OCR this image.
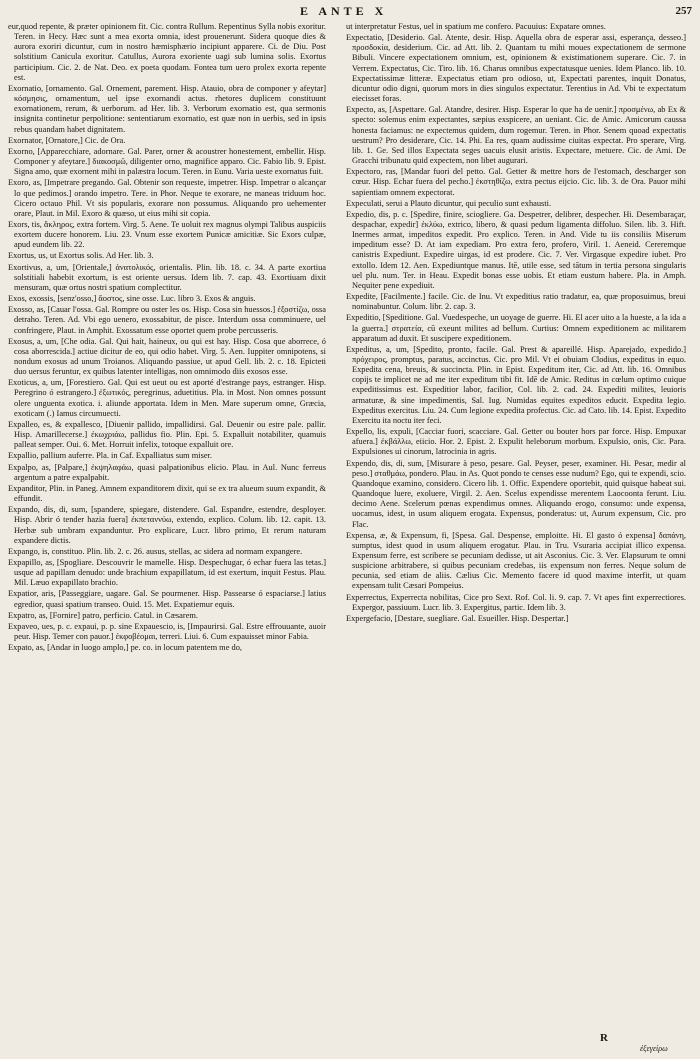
E ANTE X	257

eur,quod repente, & præter opinionem fit. Cic. contra Rullum. Repentinus Sylla nobis exoritur. Teren. in Hecy. Hæc sunt a mea exorta omnia, idest prouenerunt. Sidera quoque dies & aurora exoriri dicuntur, cum in nostro hæmisphærio incipiunt apparere. Ci. de Diu. Post solstitium Canicula exoritur. Catullus, Aurora exoriente uagi sub lumina solis. Exortus participium. Cic. 2. de Nat. Deo. ex poeta quodam. Fontea tum uero prolex exorta repente est.

Exornatio, [ornamento. Gal. Ornement, parement. Hisp. Atauio, obra de componer y afeytar] κόσμησις, ornamentum, uel ipse exornandi actus. rhetores duplicem constituunt exornationem, rerum, & uerborum. ad Her. lib. 3. Verborum exornatio est, qua sermonis insignita continetur perpolitione: sententiarum exornatio, est quæ non in uerbis, sed in ipsis rebus quandam habet dignitatem.

Exornator, [Ornatore,] Cic. de Ora.

Exorno, [Apparecchiare, adornare. Gal. Parer, orner & acoustrer honestement, embellir. Hisp. Componer y afeytare.] διακοσμῶ, diligenter orno, magnifice apparo. Cic. Fabio lib. 9. Epist. Signa amo, quæ exornent mihi in palæstra locum. Teren. in Eunu. Varia ueste exornatus fuit.

Exoro, as, [Impetrare pregando. Gal. Obtenir son requeste, impetrer. Hisp. Impetrar o alcançar lo que pedimos.] orando impetro. Tere. in Phor. Neque te exorare, ne maneas triduum hoc. Cicero octauo Phil. Vt sis popularis, exorare non possumus. Aliquando pro uehementer orare, Plaut. in Mil. Exoro & quæso, ut eius mihi sit copia.

Exors, tis, ἄκληρος, extra fortem. Virg. 5. Aene. Te uoluit rex magnus olympi Talibus auspiciis exortem ducere honorem. Liu. 23. Vnum esse exortem Punicæ amicitiæ. Sic Exors culpæ, apud eundem lib. 22.

Exortus, us, ut Exortus solis. Ad Her. lib. 3.

Exortivus, a, um, [Orientale,] ἀνατολικός, orientalis. Plin. lib. 18. c. 34. A parte exortiua solstitiali habebit exortum, is est oriente uersus. Idem lib. 7. cap. 43. Exortiuam dixit mensuram, quæ ortus nostri spatium complectitur.

Exos, exossis, [senz'osso,] ἄοστος, sine osse. Luc. libro 3. Exos & anguis.

Exosso, as, [Cauar l'ossa. Gal. Rompre ou oster les os. Hisp. Cosa sin huessos.] ἐξοστίζω, ossa detraho. Teren. Ad. Vbi ego uenero, exossabitur, de pisce. Interdum ossa comminuere, uel confringere, Plaut. in Amphit. Exossatum esse oportet quem probe percusseris.

Exosus, a, um, [Che odia. Gal. Qui hait, haineux, ou qui est hay. Hisp. Cosa que aborrece, ó cosa aborrescida.] actiue dicitur de eo, qui odio habet. Virg. 5. Aen. Iuppiter omnipotens, si nondum exosus ad unum Troianos. Aliquando passiue, ut apud Gell. lib. 2. c. 18. Epicteti duo uersus feruntur, ex quibus latenter intelligas, non omnimodo diis exosos esse.

Exoticus, a, um, [Forestiero. Gal. Qui est ueut ou est aporté d'estrange pays, estranger. Hisp. Peregrino ó estrangero.] ἐξωτικός, peregrinus, aduetitius. Pla. in Most. Non omnes possunt olere unguenta exotica. i. aliunde apportata. Idem in Men. Mare superum omne, Græcia, exoticam (.) Iamus circumuecti.

Expalleo, es, & expallesco, [Diuenir pallido, impallidirsi. Gal. Deuenir ou estre pale. pallir. Hisp. Amarillecerse.] ἐκωχριάω, pallidus fio. Plin. Epi. 5. Expalluit notabiliter, quamuis palleat semper. Oui. 6. Met. Horruit infelix, totoque expalluit ore.

Expallio, pallium auferre. Pla. in Caf. Expalliatus sum miser.

Expalpo, as, [Palpare,] ἐκψηλαφάω, quasi palpationibus elicio. Plau. in Aul. Nunc ferreus argentum a patre expalpabit.

Expanditor, Plin. in Paneg. Amnem expanditorem dixit, qui se ex tra alueum suum expandit, & effundit.

Expando, dis, di, sum, [spandere, spiegare, distendere. Gal. Espandre, estendre, desployer. Hisp. Abrir ó tender hazia fuera] ἐκπεταννύω, extendo, explico. Colum. lib. 12. capit. 13. Herbæ sub umbram expanduntur. Pro explicare, Lucr. libro primo, Et rerum naturam expandere dictis.

Expango, is, constituo. Plin. lib. 2. c. 26. ausus, stellas, ac sidera ad normam expangere.

Expapillo, as, [Spogliare. Descouvrir le mamelle. Hisp. Despechugar, ó echar fuera las tetas.] usque ad papillam denudo: unde brachium expapillatum, id est exertum, inquit Festus. Plau. Mil. Læuo expapillato brachio.

Expatior, aris, [Passeggiare, uagare. Gal. Se pourmener. Hisp. Passearse ó espaciarse.] latius egredior, quasi spatium transeo. Ouid. 15. Met. Expatiemur equis.

Expatro, as, [Fornire] patro, perficio. Catul. in Cæsarem.

Expaveo, ues, p. c. expaui, p. p. sine Expauescio, is, [Impaurirsi. Gal. Estre effrouuante, auoir peur. Hisp. Temer con pauor.] ἐκφοβέομαι, terreri. Liui. 6. Cum expauisset minor Fabia.

Expato, as, [Andar in luogo amplo,] pe. co. in locum patentem me do,

ut interpretatur Festus, uel in spatium me confero. Pacuuius: Expatare omnes.

Expectatio, [Desiderio. Gal. Atente, desir. Hisp. Aquella obra de esperar assi, esperança, desseo.] προσδοκία, desiderium. Cic. ad Att. lib. 2. Quantam tu mihi moues expectationem de sermone Bibuli. Vincere expectationem omnium, est, opinionem & existimationem superare. Cic. 7. in Verrem. Expectatus, Cic. Tiro. lib. 16. Charus omnibus expectatusque uenies. Idem Planco. lib. 10. Expectatissimæ litteræ. Expectatus etiam pro odioso, ut, Expectati parentes, inquit Donatus, dicuntur odio digni, quorum mors in dies singulos expectatur. Terentius in Ad. Vbi te expectatum eiecisset foras.

Expecto, as, [Aspettare. Gal. Atandre, desirer. Hisp. Esperar lo que ha de uenir.] προσμένω, ab Ex & specto: solemus enim expectantes, sæpius exspicere, an ueniant. Cic. de Amic. Amicorum caussa honesta faciamus: ne expectemus quidem, dum rogemur. Teren. in Phor. Senem quoad expectatis uestrum? Pro desiderare, Cic. 14. Phi. Ea res, quam audissime ciuitas expectat. Pro sperare, Virg. lib. 1. Ge. Sed illos Expectata seges uacuis elusit aristis. Expectare, metuere. Cic. de Ami. De Gracchi tribunatu quid expectem, non libet augurari.

Expectoro, ras, [Mandar fuori del petto. Gal. Getter & mettre hors de l'estomach, descharger son cœur. Hisp. Echar fuera del pecho.] ἐκστηθίζω, extra pectus eijcio. Cic. lib. 3. de Ora. Pauor mihi sapientiam omnem expectorat.

Expeculati, serui a Plauto dicuntur, qui peculio sunt exhausti.

Expedio, dis, p. c. [Spedire, finire, sciogliere. Ga. Despetrer, delibrer, despecher. Hi. Desembaraçar, despachar, expedir] ἐκλύω, extrico, libero, & quasi pedum ligamenta diffoluo. Silen. lib. 3. Hift. Inermes armat, impeditos expedit. Pro explico. Teren. in And. Vide tu iis consiliis Miserum impeditum esse? D. At iam expediam. Pro extra fero, profero, Viril. 1. Aeneid. Cereremque canistris Expediunt. Expedire uirgas, id est prodere. Cic. 7. Ver. Virgasque expedire iubet. Pro extollo. Idem 12. Aen. Expediuntque manus. Itē, utile esse, sed tātum in tertia persona singularis uel plu. num. Ter. in Heau. Expedit bonas esse uobis. Et etiam eustum habere. Pla. in Amph. Nequiter pene expediuit.

Expedite, [Facilmente.] facile. Cic. de Inu. Vt expeditius ratio tradatur, ea, quæ proposuimus, breui nominabuntur. Colum. libr. 2. cap. 3.

Expeditio, [Speditione. Gal. Vuedespeche, un uoyage de guerre. Hi. El acer uito a la hueste, a la ida a la guerra.] στρατεία, cū exeunt milites ad bellum. Curtius: Omnem expeditionem ac militarem apparatum ad duxit. Et suscipere expeditionem.

Expeditus, a, um, [Spedito, pronto, facile. Gal. Prest & apareillé. Hisp. Aparejado, expedido.] πρόχειρος, promptus, paratus, accinctus. Cic. pro Mil. Vt ei obuiam Clodius, expeditus in equo. Expedita cena, breuis, & succincta. Plin. in Epist. Expeditum iter, Cic. ad Att. lib. 16. Omnibus copijs te implicet ne ad me iter expeditum tibi fit. Idē de Amic. Reditus in cœlum optimo cuique expeditissimus est. Expeditior labor, facilior, Col. lib. 2. cad. 24. Expediti milites, leuioris armaturæ, & sine impedimentis, Sal. Iug. Numidas equites expeditos educit. Expedita legio. Expeditus exercitus. Liu. 24. Cum legione expedita profectus. Cic. ad Cato. lib. 14. Epist. Expedito Exercitu ita noctu iter feci.

Expello, lis, expuli, [Cacciar fuori, scacciare. Gal. Getter ou bouter hors par force. Hisp. Empuxar afuera.] ἐκβάλλω, eiicio. Hor. 2. Epist. 2. Expulit heleborum morbum. Expulsio, onis, Cic. Para. Expulsiones ui cinorum, latrocinia in agris.

Expendo, dis, di, sum, [Misurare à peso, pesare. Gal. Peyser, peser, examiner. Hi. Pesar, medir al peso.] σταθμάω, pondero. Plau. in As. Quot pondo te censes esse nudum? Ego, qui te expendi, scio. Quandoque examino, considero. Cicero lib. 1. Offic. Expendere oportebit, quid quisque habeat sui. Quandoque luere, exoluere, Virgil. 2. Aen. Scelus expendisse merentem Laocoonta ferunt. Liu. decimo Aene. Scelerum pœnas expendimus omnes. Aliquando erogo, consumo: unde expensa, uocamus, idest, in usum aliquem erogata. Expensus, ponderatus: ut, Aurum expensum, Cic. pro Flac.

Expensa, æ, & Expensum, fi, [Spesa. Gal. Despense, emploitte. Hi. El gasto ó expensa] δαπάνη, sumptus, idest quod in usum aliquem erogatur. Plau. in Tru. Vsuraria accipiat illico expensa. Expensum ferre, est scribere se pecuniam dedisse, ut ait Asconius. Cic. 3. Ver. Elapsurum te omni suspicione arbitrabere, si quibus pecuniam credebas, iis expensum non ferres. Neque solum de pecunia, sed etiam de aliis. Cælius Cic. Memento facere id quod maxime interfit, ut quam expensam tulit Cæsari Pompeius.

Experrectus, Experrecta nobilitas, Cice pro Sext. Rof. Col. li. 9. cap. 7. Vt apes fint experrectiores. Expergor, passiuum. Lucr. lib. 3. Expergitus, partic. Idem lib. 3.

Expergefacio, [Destare, suegliare. Gal. Esueiller. Hisp. Despertar.]

R
ἐξεγείρω
